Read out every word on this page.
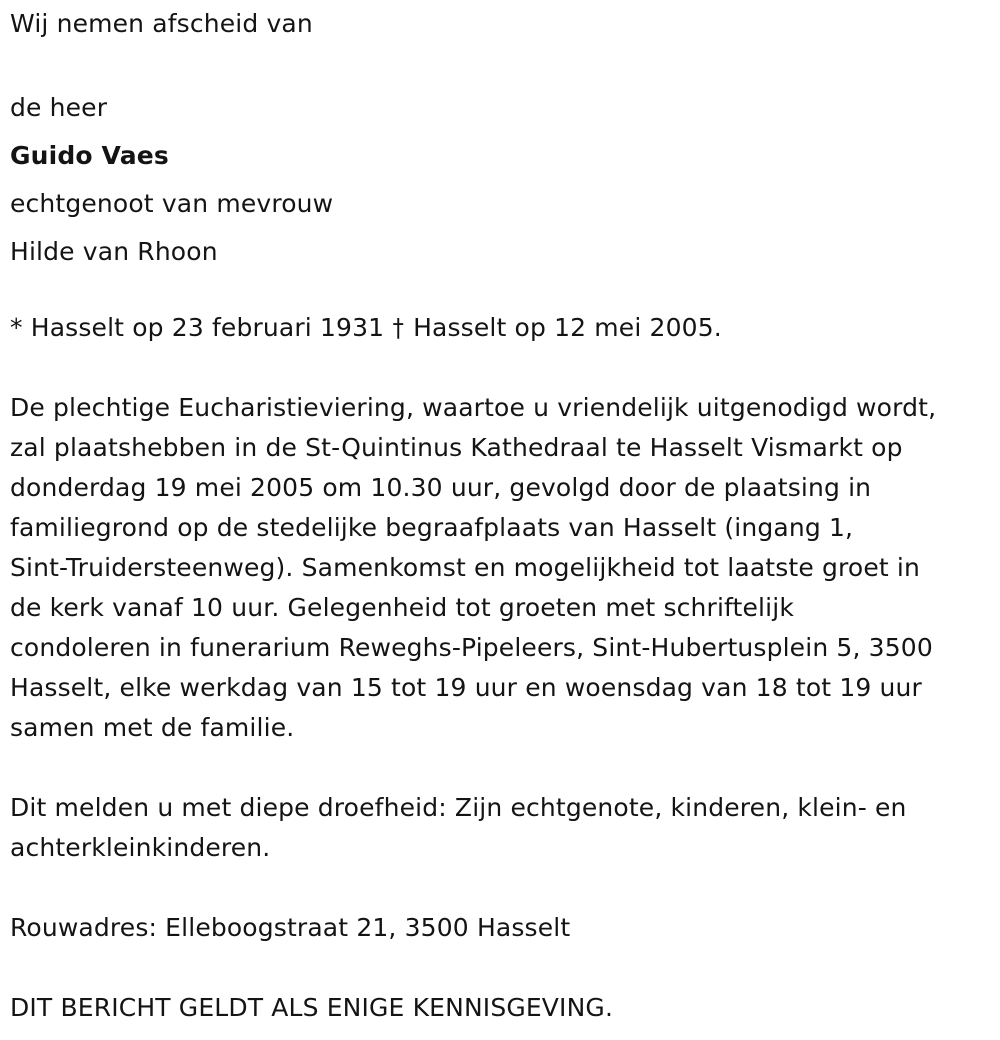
Wij nemen afscheid van
de heer
Guido Vaes
echtgenoot van mevrouw
Hilde van Rhoon
* Hasselt op 23 februari 1931 † Hasselt op 12 mei 2005.
De plechtige Eucharistieviering, waartoe u vriendelijk uitgenodigd wordt,
zal plaatshebben in de St-Quintinus Kathedraal te Hasselt Vismarkt op
donderdag 19 mei 2005 om 10.30 uur, gevolgd door de plaatsing in
familiegrond op de stedelijke begraafplaats van Hasselt (ingang 1,
Sint-Truidersteenweg). Samenkomst en mogelijkheid tot laatste groet in
de kerk vanaf 10 uur. Gelegenheid tot groeten met schriftelijk
condoleren in funerarium Reweghs-Pipeleers, Sint-Hubertusplein 5, 3500
Hasselt, elke werkdag van 15 tot 19 uur en woensdag van 18 tot 19 uur
samen met de familie.
Dit melden u met diepe droefheid: Zijn echtgenote, kinderen, klein- en
achterkleinkinderen.
Rouwadres: Elleboogstraat 21, 3500 Hasselt
DIT BERICHT GELDT ALS ENIGE KENNISGEVING.
